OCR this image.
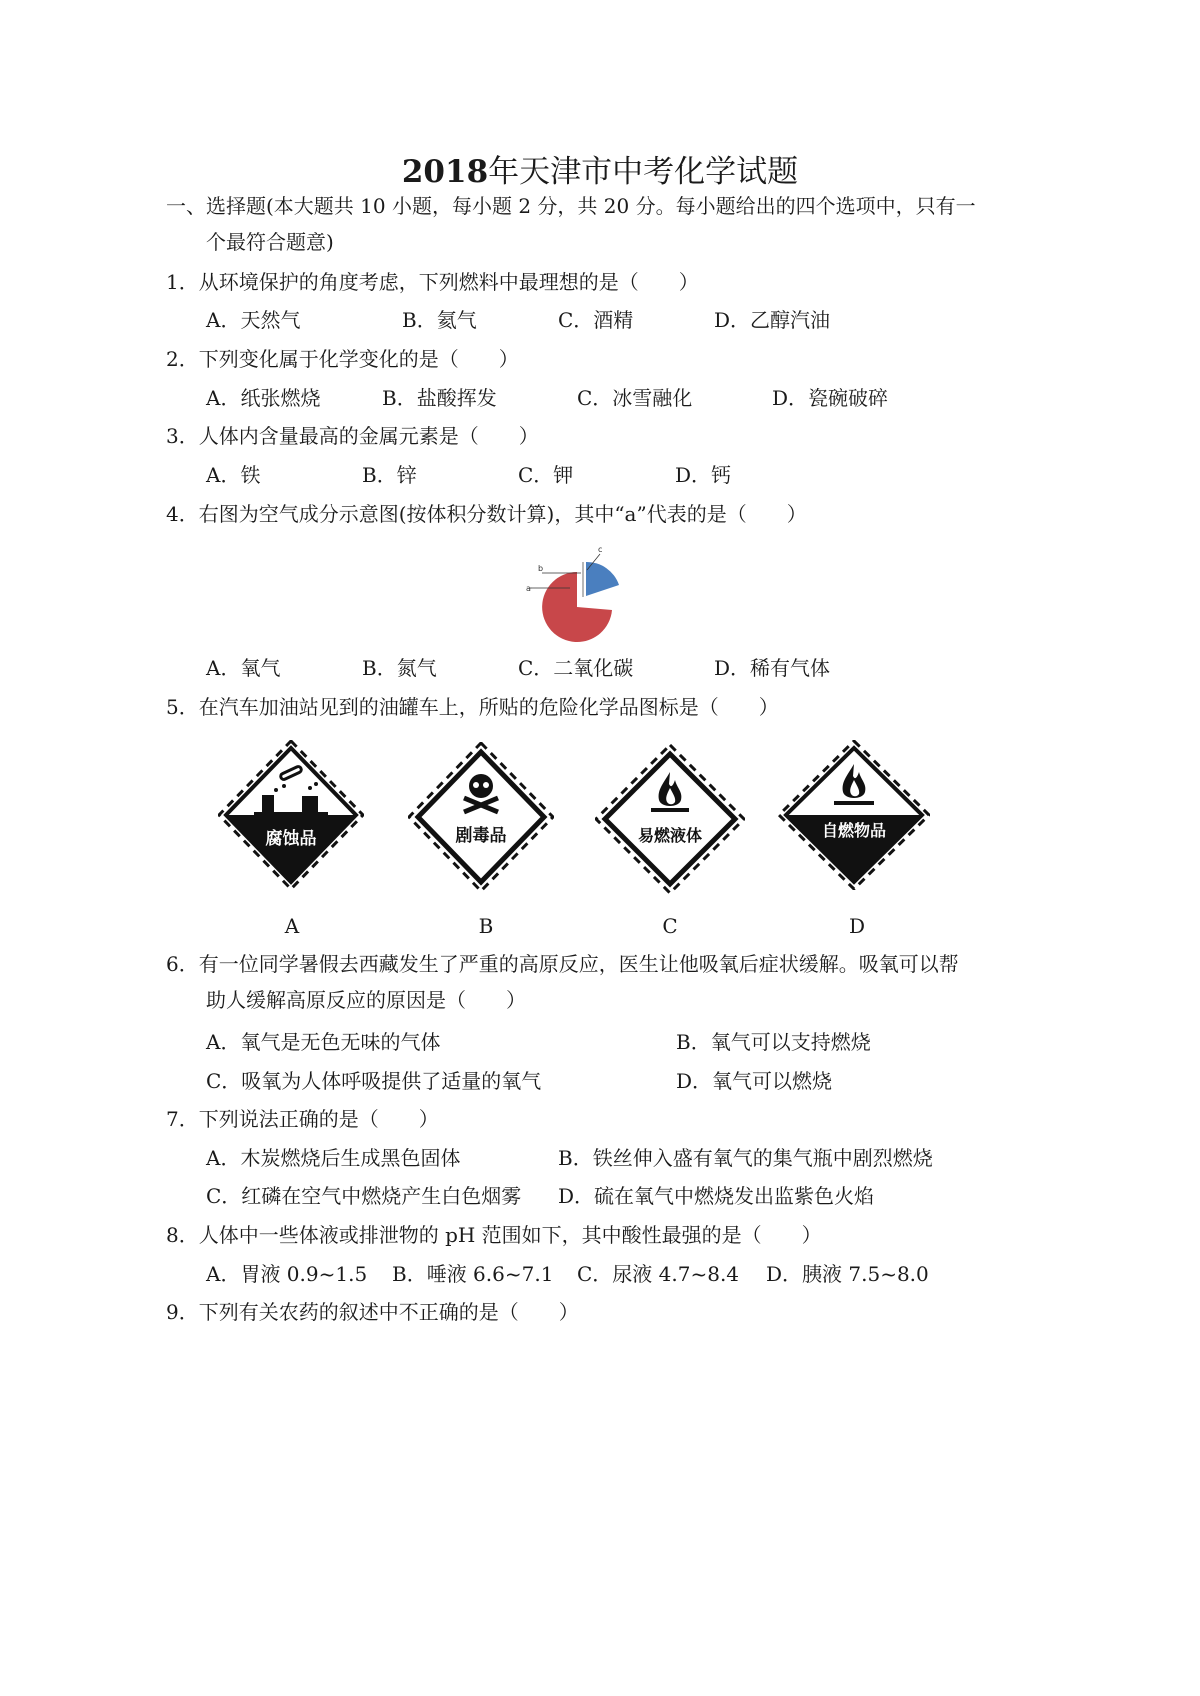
2018年天津市中考化学试题
一、选择题(本大题共 10 小题，每小题 2 分，共 20 分。每小题给出的四个选项中，只有一
个最符合题意)
1．从环境保护的角度考虑，下列燃料中最理想的是（　　）
A．天然气	B．氦气	C．酒精	D．乙醇汽油
2．下列变化属于化学变化的是（　　）
A．纸张燃烧	B．盐酸挥发	C．冰雪融化	D．瓷碗破碎
3．人体内含量最高的金属元素是（　　）
A．铁	B．锌	C．钾	D．钙
4．右图为空气成分示意图(按体积分数计算)，其中“a”代表的是（　　）
a
b
c
A．氧气	B．氮气	C．二氧化碳	D．稀有气体
5．在汽车加油站见到的油罐车上，所贴的危险化学品图标是（　　）
腐蚀品
A
剧毒品
B
易燃液体
C
自燃物品
D
6．有一位同学暑假去西藏发生了严重的高原反应，医生让他吸氧后症状缓解。吸氧可以帮
助人缓解高原反应的原因是（　　）
A．氧气是无色无味的气体	B．氧气可以支持燃烧
C．吸氧为人体呼吸提供了适量的氧气	D．氧气可以燃烧
7．下列说法正确的是（　　）
A．木炭燃烧后生成黑色固体	B．铁丝伸入盛有氧气的集气瓶中剧烈燃烧
C．红磷在空气中燃烧产生白色烟雾 D．硫在氧气中燃烧发出监紫色火焰
8．人体中一些体液或排泄物的 pH 范围如下，其中酸性最强的是（　　）
A．胃液 0.9~1.5 B．唾液 6.6~7.1 C．尿液 4.7~8.4 D．胰液 7.5~8.0
9．下列有关农药的叙述中不正确的是（　　）
